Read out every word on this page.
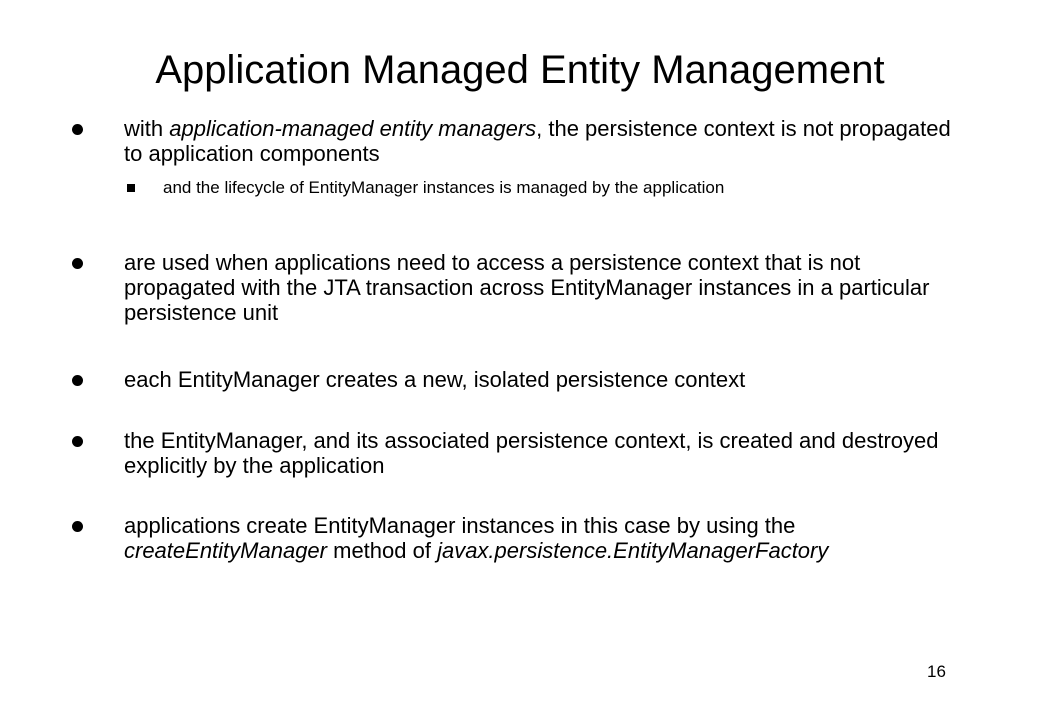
Application Managed Entity Management
with application-managed entity managers, the persistence context is not propagated to application components
and the lifecycle of EntityManager instances is managed by the application
are used when applications need to access a persistence context that is not propagated with the JTA transaction across EntityManager instances in a particular persistence unit
each EntityManager creates a new, isolated persistence context
the EntityManager, and its associated persistence context, is created and destroyed explicitly by the application
applications create EntityManager instances in this case by using the createEntityManager method of javax.persistence.EntityManagerFactory
16
